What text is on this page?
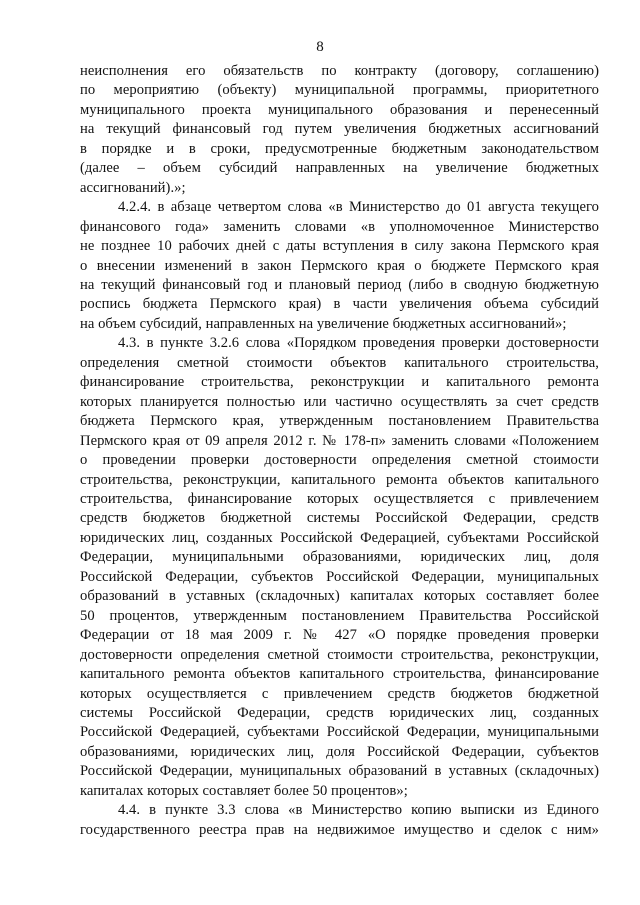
8

неисполнения его обязательств по контракту (договору, соглашению)
по мероприятию (объекту) муниципальной программы, приоритетного
муниципального проекта муниципального образования и перенесенный
на текущий финансовый год путем увеличения бюджетных ассигнований
в порядке и в сроки, предусмотренные бюджетным законодательством
(далее – объем субсидий направленных на увеличение бюджетных
ассигнований).»;

4.2.4. в абзаце четвертом слова «в Министерство до 01 августа текущего
финансового года» заменить словами «в уполномоченное Министерство
не позднее 10 рабочих дней с даты вступления в силу закона Пермского края
о внесении изменений в закон Пермского края о бюджете Пермского края
на текущий финансовый год и плановый период (либо в сводную бюджетную
роспись бюджета Пермского края) в части увеличения объема субсидий
на объем субсидий, направленных на увеличение бюджетных ассигнований»;

4.3. в пункте 3.2.6 слова «Порядком проведения проверки достоверности
определения сметной стоимости объектов капитального строительства,
финансирование строительства, реконструкции и капитального ремонта
которых планируется полностью или частично осуществлять за счет средств
бюджета Пермского края, утвержденным постановлением Правительства
Пермского края от 09 апреля 2012 г. № 178-п» заменить словами «Положением
о проведении проверки достоверности определения сметной стоимости
строительства, реконструкции, капитального ремонта объектов капитального
строительства, финансирование которых осуществляется с привлечением
средств бюджетов бюджетной системы Российской Федерации, средств
юридических лиц, созданных Российской Федерацией, субъектами Российской
Федерации, муниципальными образованиями, юридических лиц, доля
Российской Федерации, субъектов Российской Федерации, муниципальных
образований в уставных (складочных) капиталах которых составляет более
50 процентов, утвержденным постановлением Правительства Российской
Федерации от 18 мая 2009 г. № 427 «О порядке проведения проверки
достоверности определения сметной стоимости строительства, реконструкции,
капитального ремонта объектов капитального строительства, финансирование
которых осуществляется с привлечением средств бюджетов бюджетной
системы Российской Федерации, средств юридических лиц, созданных
Российской Федерацией, субъектами Российской Федерации, муниципальными
образованиями, юридических лиц, доля Российской Федерации, субъектов
Российской Федерации, муниципальных образований в уставных (складочных)
капиталах которых составляет более 50 процентов»;

4.4. в пункте 3.3 слова «в Министерство копию выписки из Единого
государственного реестра прав на недвижимое имущество и сделок с ним»
